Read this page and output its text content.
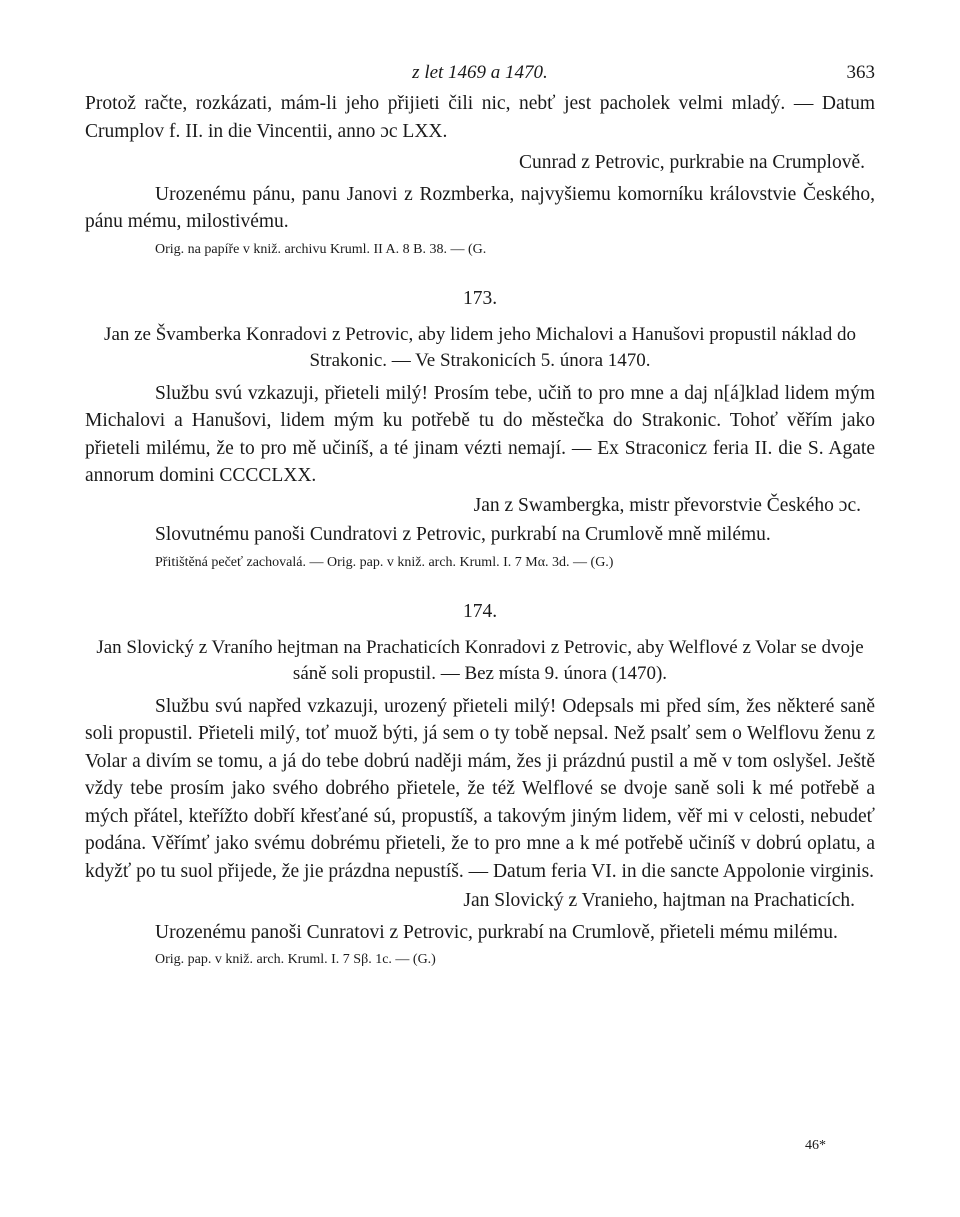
z let 1469 a 1470.	363

Protož račte, rozkázati, mám-li jeho přijieti čili nic, nebť jest pacholek velmi mladý. — Datum Crumplov f. II. in die Vincentii, anno ɔc LXX.

Cunrad z Petrovic, purkrabie na Crumplově.

Urozenému pánu, panu Janovi z Rozmberka, najvyšiemu komorníku královstvie Českého, pánu mému, milostivému.

Orig. na papíře v kniž. archivu Kruml. II A. 8 B. 38. — (G.

173.

Jan ze Švamberka Konradovi z Petrovic, aby lidem jeho Michalovi a Hanušovi propustil náklad do Strakonic. — Ve Strakonicích 5. února 1470.

Službu svú vzkazuji, přieteli milý! Prosím tebe, učiň to pro mne a daj n[á]klad lidem mým Michalovi a Hanušovi, lidem mým ku potřebě tu do městečka do Strakonic. Tohoť věřím jako přieteli milému, že to pro mě učiníš, a té jinam vézti nemají. — Ex Straconicz feria II. die S. Agate annorum domini CCCCLXX.

Jan z Swambergka, mistr převorstvie Českého ɔc.

Slovutnému panoši Cundratovi z Petrovic, purkrabí na Crumlově mně milému.

Přitištěná pečeť zachovalá. — Orig. pap. v kniž. arch. Kruml. I. 7 Mα. 3d. — (G.)

174.

Jan Slovický z Vraního hejtman na Prachaticích Konradovi z Petrovic, aby Welflové z Volar se dvoje sáně soli propustil. — Bez místa 9. února (1470).

Službu svú napřed vzkazuji, urozený přieteli milý! Odepsals mi před sím, žes některé saně soli propustil. Přieteli milý, toť muož býti, já sem o ty tobě nepsal. Než psalť sem o Welflovu ženu z Volar a divím se tomu, a já do tebe dobrú naději mám, žes ji prázdnú pustil a mě v tom oslyšel. Ještě vždy tebe prosím jako svého dobrého přietele, že též Welflové se dvoje saně soli k mé potřebě a mých přátel, kteřížto dobří křesťané sú, propustíš, a takovým jiným lidem, věř mi v celosti, nebudeť podána. Věřímť jako svému dobrému přieteli, že to pro mne a k mé potřebě učiníš v dobrú oplatu, a kdyžť po tu suol přijede, že jie prázdna nepustíš. — Datum feria VI. in die sancte Appolonie virginis.

Jan Slovický z Vranieho, hajtman na Prachaticích.

Urozenému panoši Cunratovi z Petrovic, purkrabí na Crumlově, přieteli mému milému.

Orig. pap. v kniž. arch. Kruml. I. 7 Sβ. 1c. — (G.)

46*
